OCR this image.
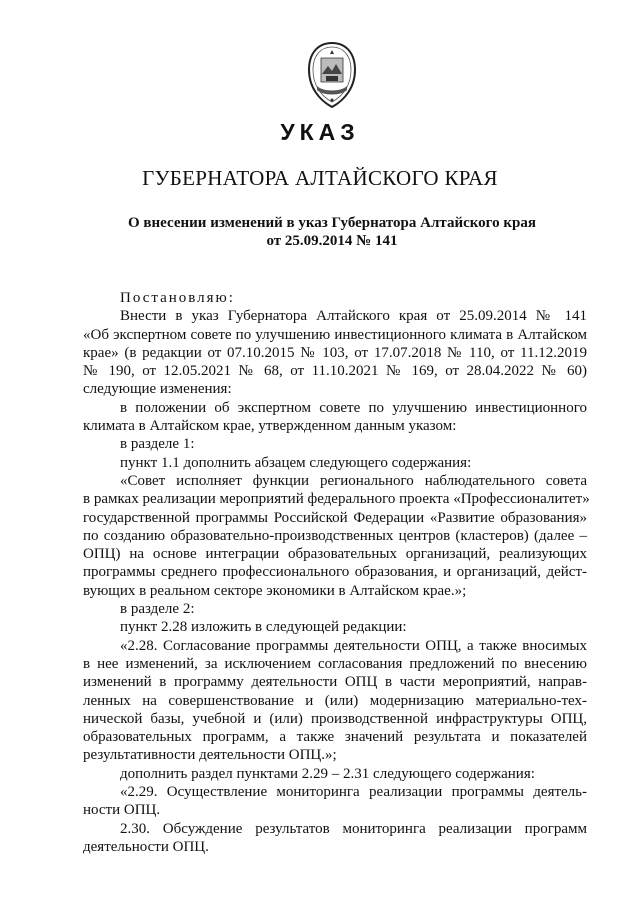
УКАЗ
ГУБЕРНАТОРА АЛТАЙСКОГО КРАЯ
О внесении изменений в указ Губернатора Алтайского края
от 25.09.2014 № 141
Постановляю:
Внести в указ Губернатора Алтайского края от 25.09.2014 № 141
«Об экспертном совете по улучшению инвестиционного климата в Алтайском
крае» (в редакции от 07.10.2015 № 103, от 17.07.2018 № 110, от 11.12.2019
№ 190, от 12.05.2021 № 68, от 11.10.2021 № 169, от 28.04.2022 № 60)
следующие изменения:
в положении об экспертном совете по улучшению инвестиционного
климата в Алтайском крае, утвержденном данным указом:
в разделе 1:
пункт 1.1 дополнить абзацем следующего содержания:
«Совет исполняет функции регионального наблюдательного совета
в рамках реализации мероприятий федерального проекта «Профессионалитет»
государственной программы Российской Федерации «Развитие образования»
по созданию образовательно-производственных центров (кластеров) (далее –
ОПЦ) на основе интеграции образовательных организаций, реализующих
программы среднего профессионального образования, и организаций, дейст-
вующих в реальном секторе экономики в Алтайском крае.»;
в разделе 2:
пункт 2.28 изложить в следующей редакции:
«2.28. Согласование программы деятельности ОПЦ, а также вносимых
в нее изменений, за исключением согласования предложений по внесению
изменений в программу деятельности ОПЦ в части мероприятий, направ-
ленных на совершенствование и (или) модернизацию материально-тех-
нической базы, учебной и (или) производственной инфраструктуры ОПЦ,
образовательных программ, а также значений результата и показателей
результативности деятельности ОПЦ.»;
дополнить раздел пунктами 2.29 – 2.31 следующего содержания:
«2.29. Осуществление мониторинга реализации программы деятель-
ности ОПЦ.
2.30. Обсуждение результатов мониторинга реализации программ
деятельности ОПЦ.
